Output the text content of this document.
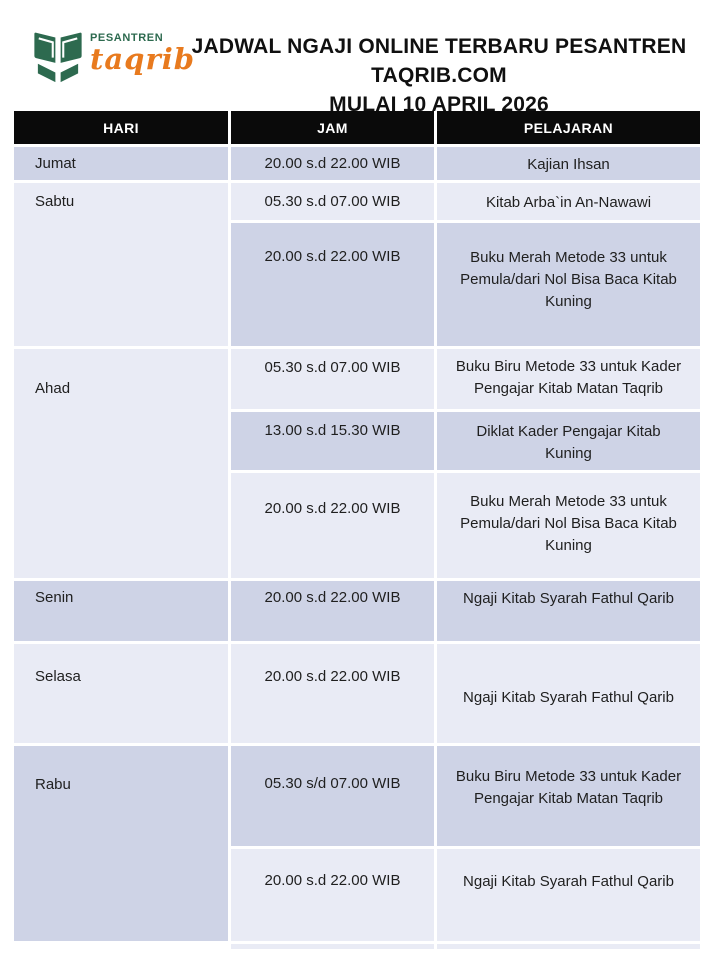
PESANTREN
taqrib
JADWAL NGAJI ONLINE TERBARU PESANTREN TAQRIB.COM
MULAI 10 APRIL 2026
HARI	JAM	PELAJARAN
Jumat	20.00 s.d 22.00 WIB	Kajian Ihsan
Sabtu	05.30 s.d 07.00 WIB	Kitab Arba`in An-Nawawi
	20.00 s.d 22.00 WIB	Buku Merah Metode 33 untuk Pemula/dari Nol Bisa Baca Kitab Kuning
Ahad	05.30 s.d 07.00 WIB	Buku Biru Metode 33 untuk Kader Pengajar Kitab Matan Taqrib
	13.00 s.d 15.30 WIB	Diklat Kader Pengajar Kitab Kuning
	20.00 s.d 22.00 WIB	Buku Merah Metode 33 untuk Pemula/dari Nol Bisa Baca Kitab Kuning
Senin	20.00 s.d 22.00 WIB	Ngaji Kitab Syarah Fathul Qarib
Selasa	20.00 s.d 22.00 WIB	Ngaji Kitab Syarah Fathul Qarib
Rabu	05.30 s/d 07.00 WIB	Buku Biru Metode 33 untuk Kader Pengajar Kitab Matan Taqrib
	20.00 s.d 22.00 WIB	Ngaji Kitab Syarah Fathul Qarib
